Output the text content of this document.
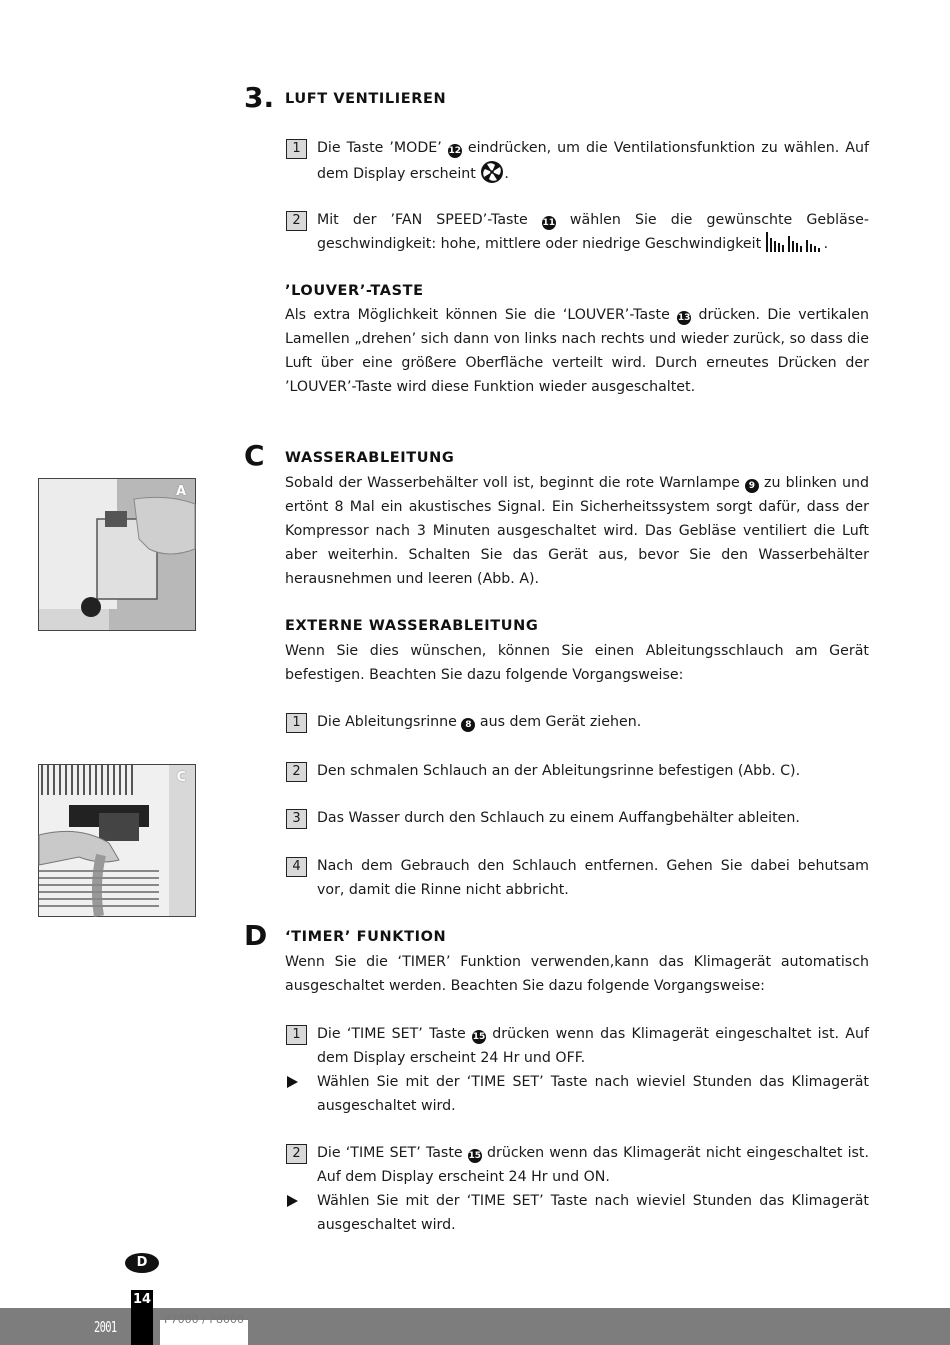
3. LUFT VENTILIEREN
1	Die Taste ’MODE’ 12 eindrücken, um die Ventilationsfunktion zu wählen. Auf dem Display erscheint .
2	Mit der ’FAN SPEED’-Taste 11 wählen Sie die gewünschte Gebläse-geschwindigkeit: hohe, mittlere oder niedrige Geschwindigkeit	.
’LOUVER’-TASTE

Als extra Möglichkeit können Sie die ‘LOUVER’-Taste 13 drücken. Die vertikalen Lamellen „drehen’ sich dann von links nach rechts und wieder zurück, so dass die Luft über eine größere Oberfläche verteilt wird. Durch erneutes Drücken der ’LOUVER’-Taste wird diese Funktion wieder ausgeschaltet.

C WASSERABLEITUNG

Sobald der Wasserbehälter voll ist, beginnt die rote Warnlampe 9 zu blinken und ertönt 8 Mal ein akustisches Signal. Ein Sicherheitssystem sorgt dafür, dass der Kompressor nach 3 Minuten ausgeschaltet wird. Das Gebläse ventiliert die Luft aber weiterhin. Schalten Sie das Gerät aus, bevor Sie den Wasserbehälter herausnehmen und leeren (Abb. A).

A
EXTERNE WASSERABLEITUNG

Wenn Sie dies wünschen, können Sie einen Ableitungsschlauch am Gerät befestigen. Beachten Sie dazu folgende Vorgangsweise:

1	Die Ableitungsrinne 8 aus dem Gerät ziehen.
2	Den schmalen Schlauch an der Ableitungsrinne befestigen (Abb. C).
C
3	Das Wasser durch den Schlauch zu einem Auffangbehälter ableiten.
4	Nach dem Gebrauch den Schlauch entfernen. Gehen Sie dabei behutsam vor, damit die Rinne nicht abbricht.
D ‘TIMER’ FUNKTION

Wenn Sie die ‘TIMER’ Funktion verwenden,kann das Klimagerät automatisch ausgeschaltet werden. Beachten Sie dazu folgende Vorgangsweise:

1	Die ‘TIME SET’ Taste 15 drücken wenn das Klimagerät eingeschaltet ist. Auf dem Display erscheint 24 Hr und OFF.
Wählen Sie mit der ‘TIME SET’ Taste nach wieviel Stunden das Klimagerät ausgeschaltet wird.
2	Die ‘TIME SET’ Taste 15 drücken wenn das Klimagerät nicht eingeschaltet ist. Auf dem Display erscheint 24 Hr und ON.
Wählen Sie mit der ‘TIME SET’ Taste nach wieviel Stunden das Klimagerät ausgeschaltet wird.
D
2001
14
P7000 / P8000
